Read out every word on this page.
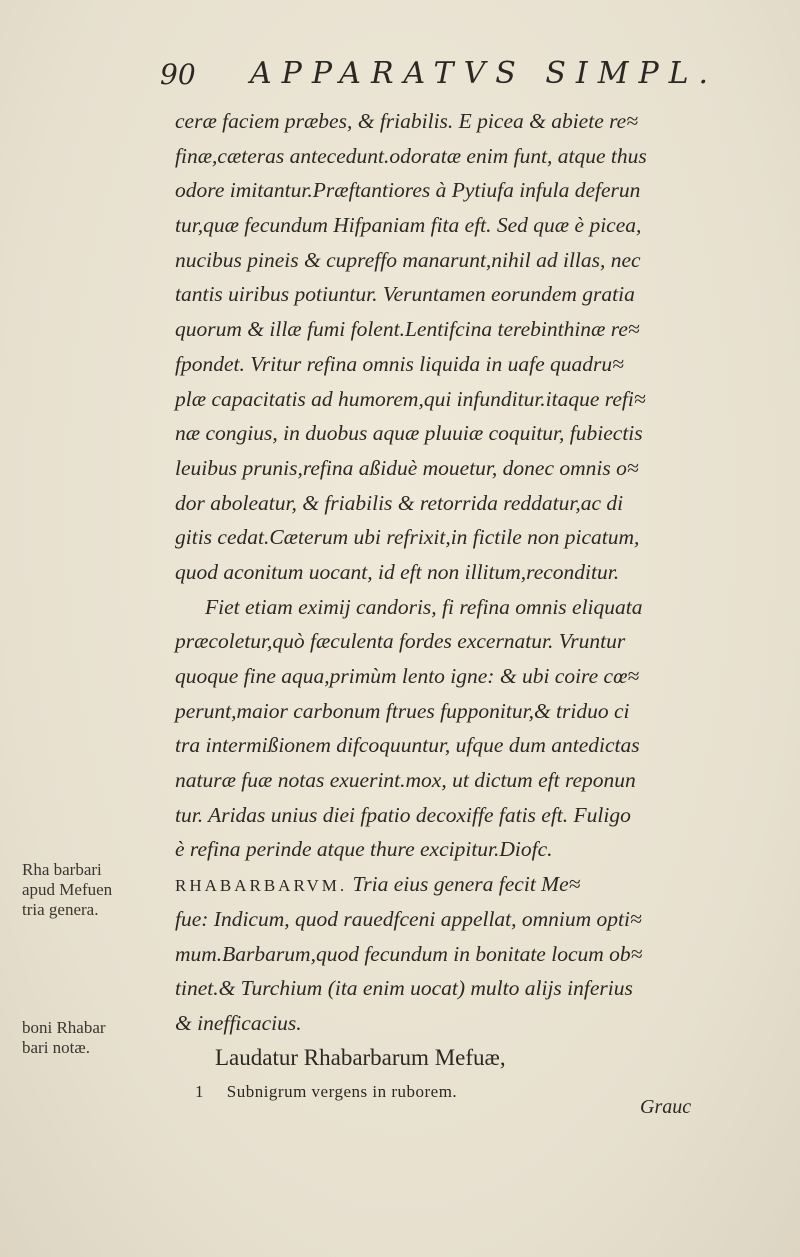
90 APPARATVS SIMPL.
ceræ faciem præbes, & friabilis. E picea & abiete re≈
finæ,cæteras antecedunt.odoratæ enim funt, atque thus
odore imitantur.Præftantiores à Pytiufa infula deferun
tur,quæ fecundum Hifpaniam fita eft. Sed quæ è picea,
nucibus pineis & cupreffo manarunt,nihil ad illas, nec
tantis uiribus potiuntur. Veruntamen eorundem gratia
quorum & illæ fumi folent.Lentifcina terebinthinæ re≈
fpondet. Vritur refina omnis liquida in uafe quadru≈
plæ capacitatis ad humorem,qui infunditur.itaque refi≈
næ congius, in duobus aquæ pluuiæ coquitur, fubiectis
leuibus prunis,refina aßiduè mouetur, donec omnis o≈
dor aboleatur, & friabilis & retorrida reddatur,ac di
gitis cedat.Cæterum ubi refrixit,in fictile non picatum,
quod aconitum uocant, id eft non illitum,reconditur.
Fiet etiam eximij candoris, fi refina omnis eliquata
præcoletur,quò fæculenta fordes excernatur. Vruntur
quoque fine aqua,primùm lento igne: & ubi coire cœ≈
perunt,maior carbonum ftrues fupponitur,& triduo ci
tra intermißionem difcoquuntur, ufque dum antedictas
naturæ fuæ notas exuerint.mox, ut dictum eft reponun
tur. Aridas unius diei fpatio decoxiffe fatis eft. Fuligo
è refina perinde atque thure excipitur.Diofc.
RHABARBARVM. Tria eius genera fecit Me≈
fue: Indicum, quod rauedfceni appellat, omnium opti≈
mum.Barbarum,quod fecundum in bonitate locum ob≈
tinet.& Turchium (ita enim uocat) multo alijs inferius
& inefficacius.
Laudatur Rhabarbarum Mefuæ,
1 Subnigrum vergens in ruborem.
Grauc
Rha barbari
apud Mefuen
tria genera.
boni Rhabar
bari notæ.
